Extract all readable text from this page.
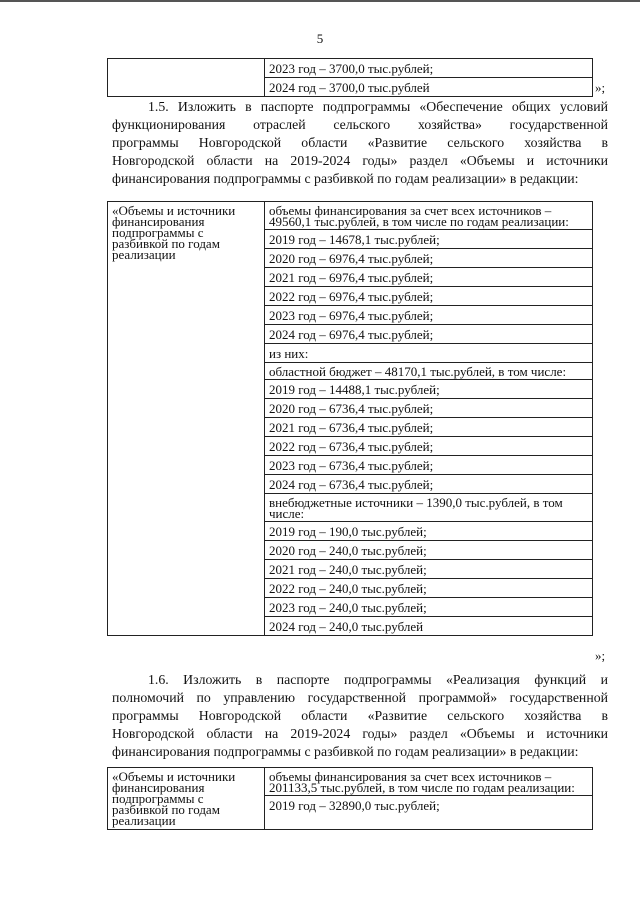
5

2023 год – 3700,0 тыс.рублей;
2024 год – 3700,0 тыс.рублей	»;
1.5. Изложить в паспорте подпрограммы «Обеспечение общих условий
функционирования отраслей сельского хозяйства» государственной
программы Новгородской области «Развитие сельского хозяйства в
Новгородской области на 2019-2024 годы» раздел «Объемы и источники
финансирования подпрограммы с разбивкой по годам реализации» в редакции:
«Объемы и источники финансирования подпрограммы с разбивкой по годам реализации	
объемы финансирования за счет всех источников – 49560,1 тыс.рублей, в том числе по годам реализации:
2019 год – 14678,1 тыс.рублей;
2020 год – 6976,4 тыс.рублей;
2021 год – 6976,4 тыс.рублей;
2022 год – 6976,4 тыс.рублей;
2023 год – 6976,4 тыс.рублей;
2024 год – 6976,4 тыс.рублей;
из них:
областной бюджет – 48170,1 тыс.рублей, в том числе:
2019 год – 14488,1 тыс.рублей;
2020 год – 6736,4 тыс.рублей;
2021 год – 6736,4 тыс.рублей;
2022 год – 6736,4 тыс.рублей;
2023 год – 6736,4 тыс.рублей;
2024 год – 6736,4 тыс.рублей;
внебюджетные источники – 1390,0 тыс.рублей, в том числе:
2019 год – 190,0 тыс.рублей;
2020 год – 240,0 тыс.рублей;
2021 год – 240,0 тыс.рублей;
2022 год – 240,0 тыс.рублей;
2023 год – 240,0 тыс.рублей;
2024 год – 240,0 тыс.рублей
»;
1.6. Изложить в паспорте подпрограммы «Реализация функций и
полномочий по управлению государственной программой» государственной
программы Новгородской области «Развитие сельского хозяйства в
Новгородской области на 2019-2024 годы» раздел «Объемы и источники
финансирования подпрограммы с разбивкой по годам реализации» в редакции:
«Объемы и источники финансирования подпрограммы с разбивкой по годам реализации	
объемы финансирования за счет всех источников – 201133,5 тыс.рублей, в том числе по годам реализации:
2019 год – 32890,0 тыс.рублей;
